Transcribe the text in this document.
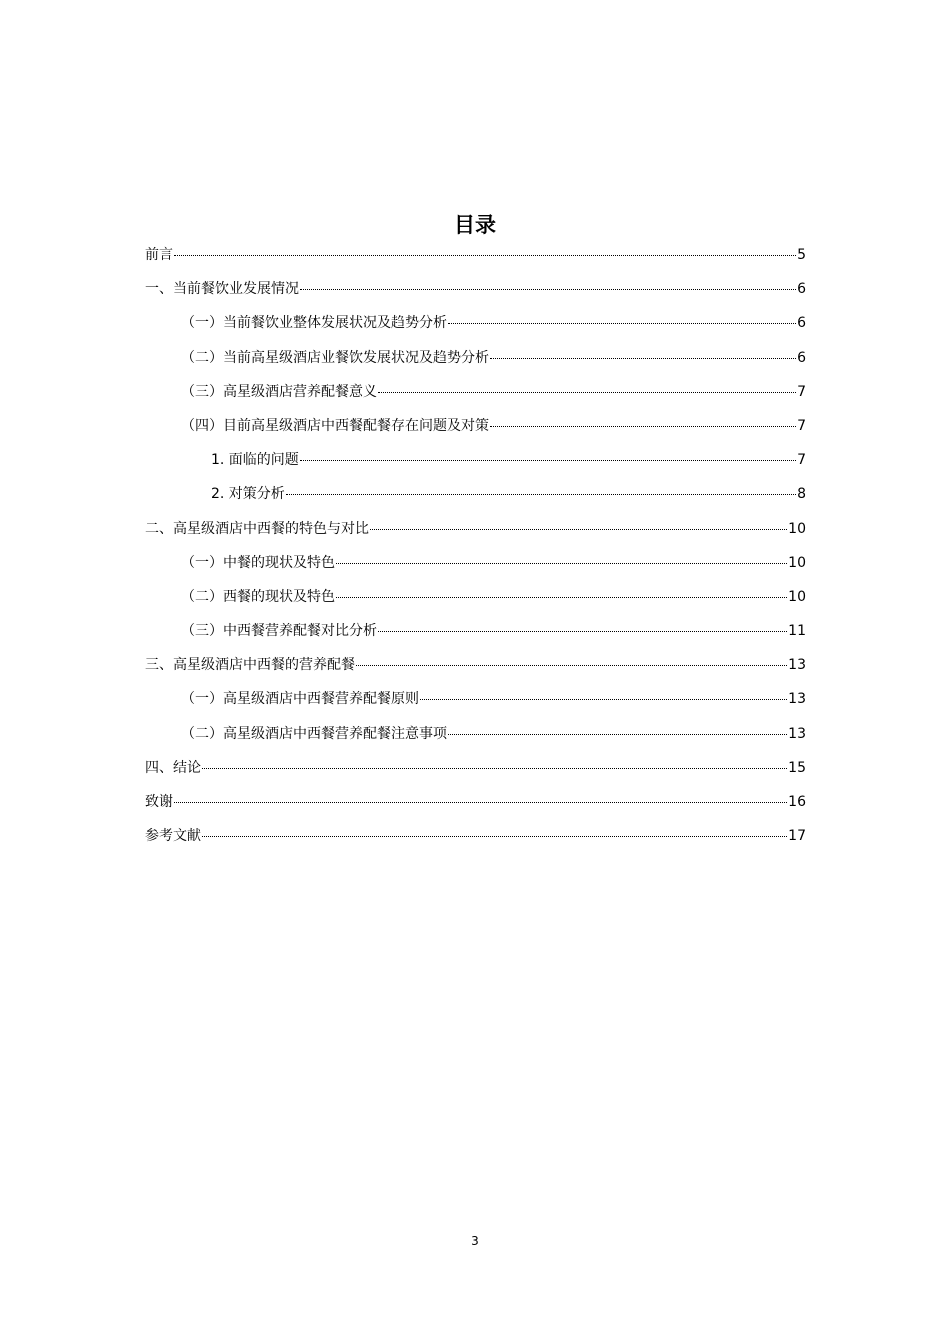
目录
前言	5
一、当前餐饮业发展情况	6
（一）当前餐饮业整体发展状况及趋势分析	6
（二）当前高星级酒店业餐饮发展状况及趋势分析	6
（三）高星级酒店营养配餐意义	7
（四）目前高星级酒店中西餐配餐存在问题及对策	7
1. 面临的问题	7
2. 对策分析	8
二、高星级酒店中西餐的特色与对比	10
（一）中餐的现状及特色	10
（二）西餐的现状及特色	10
（三）中西餐营养配餐对比分析	11
三、高星级酒店中西餐的营养配餐	13
（一）高星级酒店中西餐营养配餐原则	13
（二）高星级酒店中西餐营养配餐注意事项	13
四、结论	15
致谢	16
参考文献	17
3
